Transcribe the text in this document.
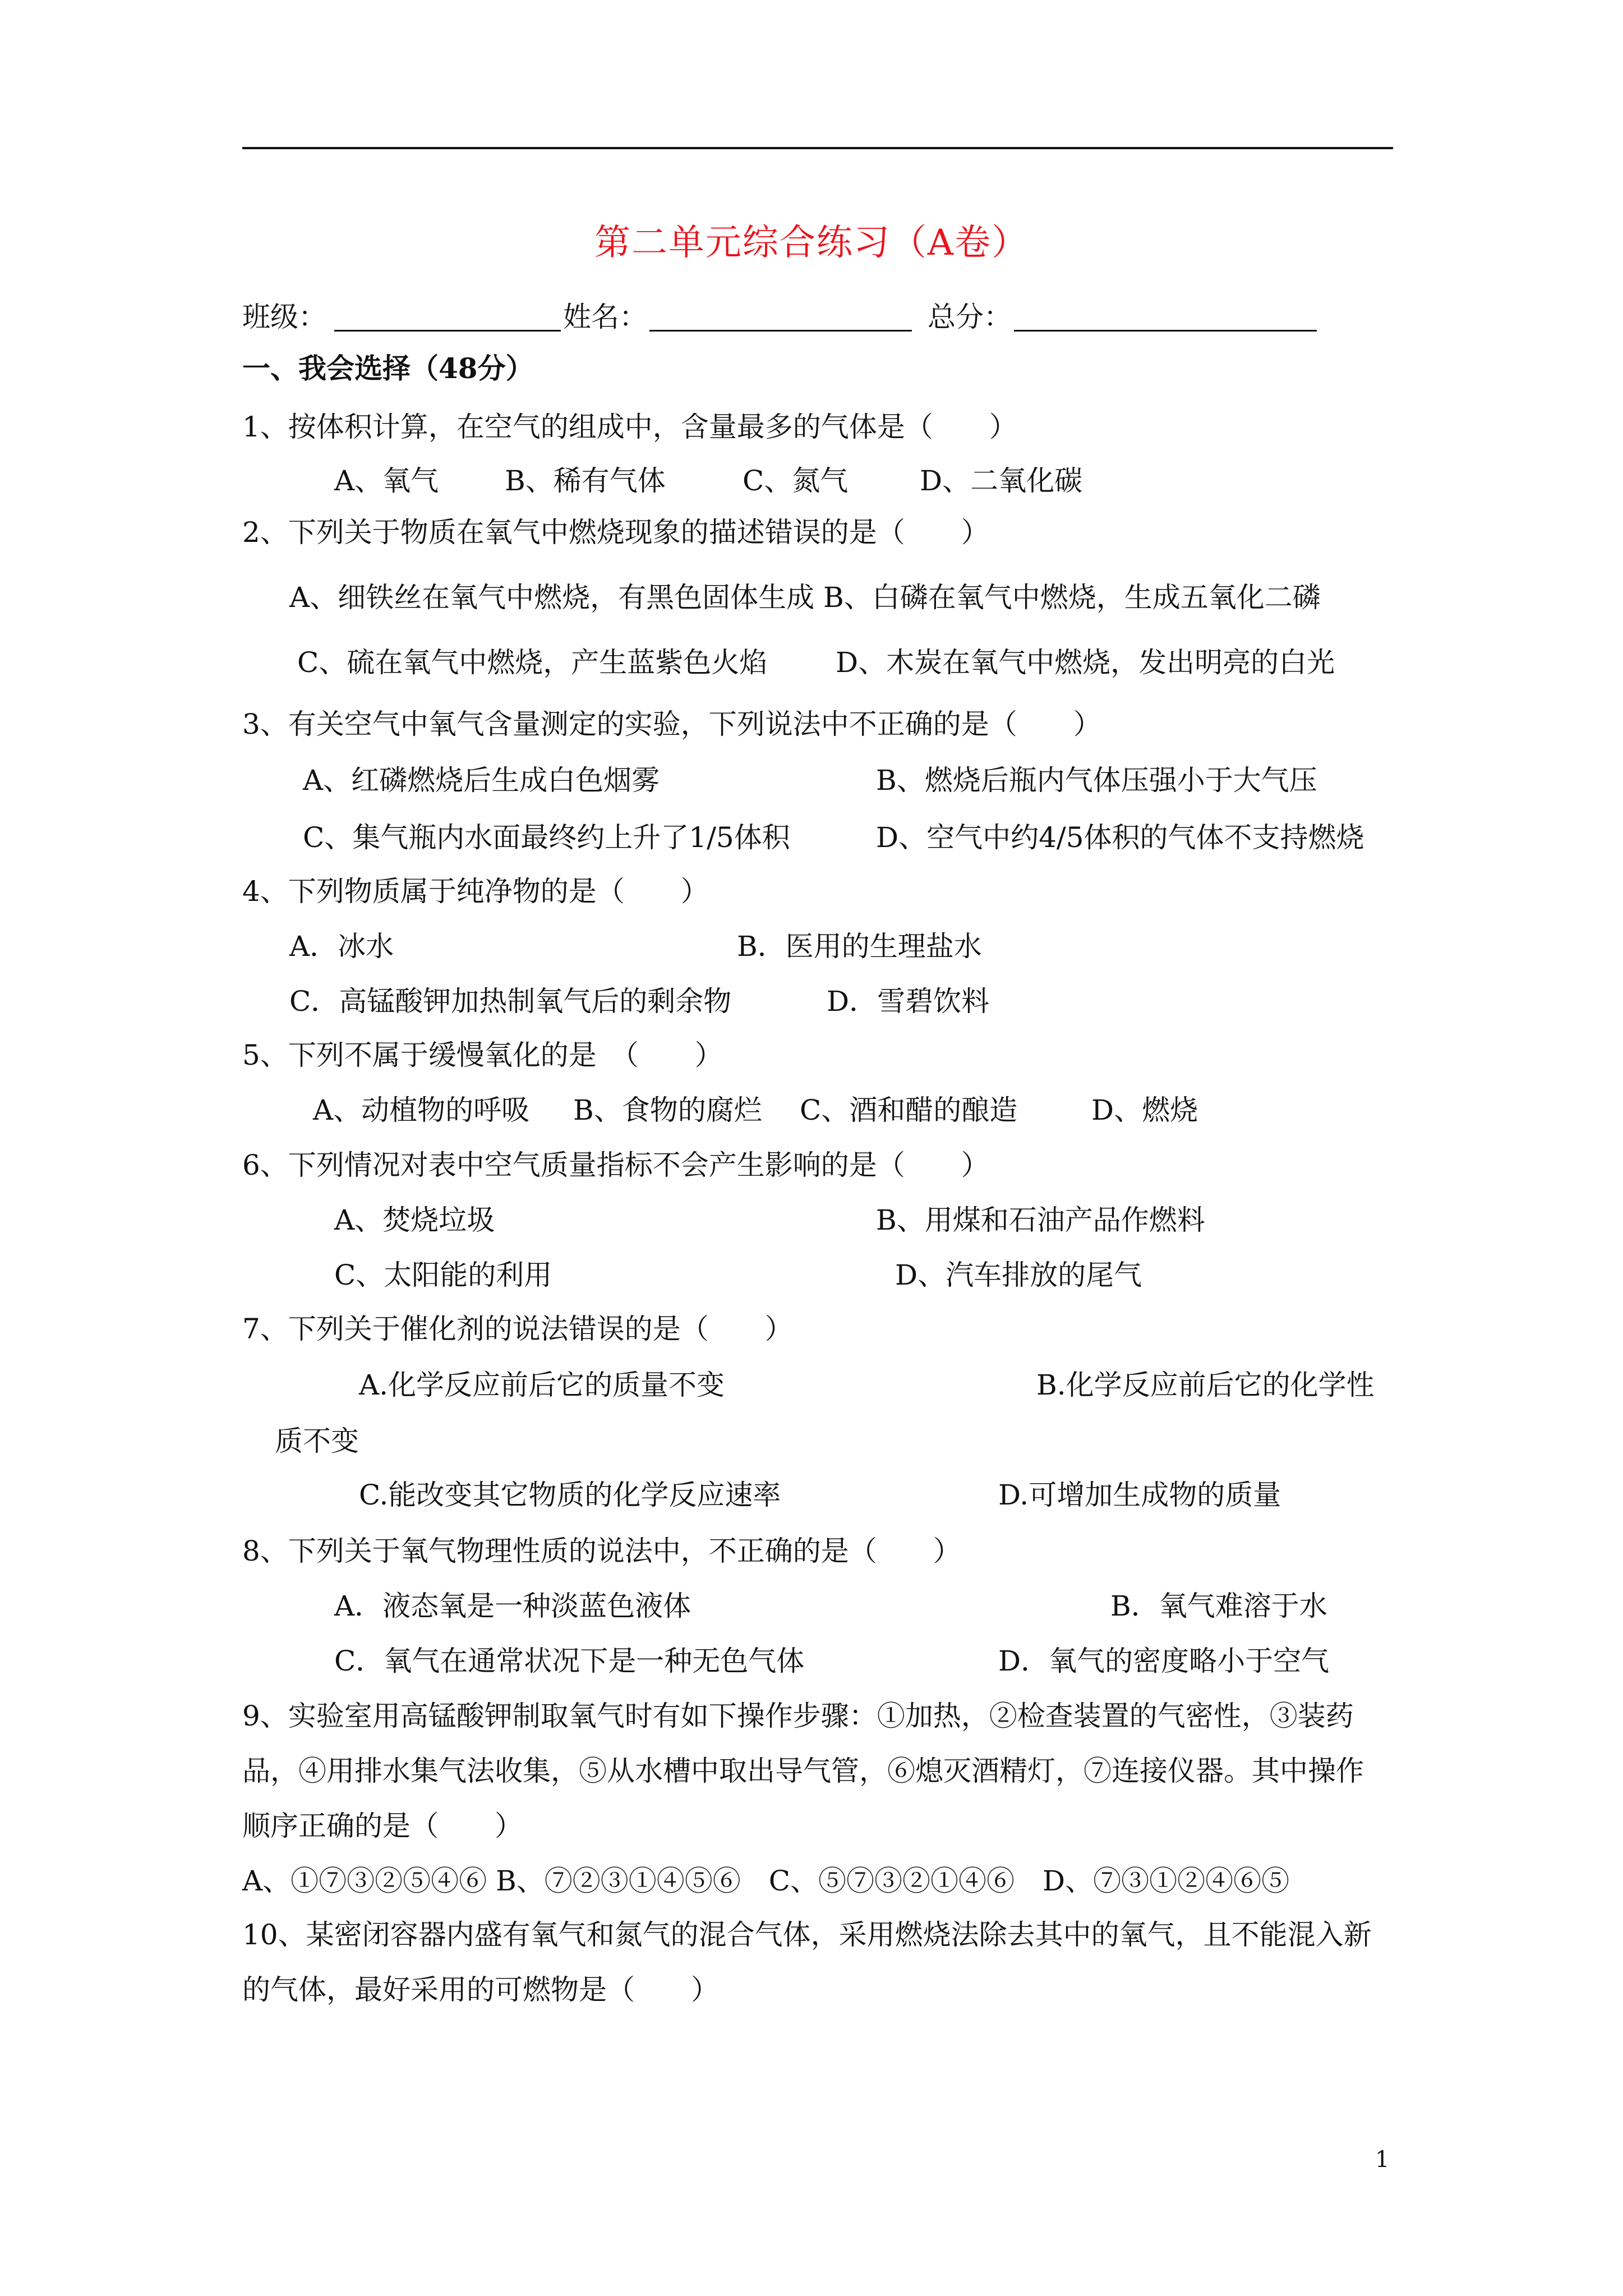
第二单元综合练习（A卷）
班级：	姓名：	总分：
一、我会选择（48分）
1、按体积计算，在空气的组成中，含量最多的气体是（　　）
A、氧气 B、稀有气体	C、氮气	D、二氧化碳
2、下列关于物质在氧气中燃烧现象的描述错误的是（　　）
A、细铁丝在氧气中燃烧，有黑色固体生成 B、白磷在氧气中燃烧，生成五氧化二磷
C、硫在氧气中燃烧，产生蓝紫色火焰 D、木炭在氧气中燃烧，发出明亮的白光
3、有关空气中氧气含量测定的实验，下列说法中不正确的是（　　）
A、红磷燃烧后生成白色烟雾	B、燃烧后瓶内气体压强小于大气压
C、集气瓶内水面最终约上升了1/5体积	D、空气中约4/5体积的气体不支持燃烧
4、下列物质属于纯净物的是（　　）
A．冰水	B．医用的生理盐水
C．高锰酸钾加热制氧气后的剩余物	D．雪碧饮料
5、下列不属于缓慢氧化的是　（　　）
A、动植物的呼吸 B、食物的腐烂 C、酒和醋的酿造	D、燃烧
6、下列情况对表中空气质量指标不会产生影响的是（　　）
A、焚烧垃圾	B、用煤和石油产品作燃料
C、太阳能的利用	D、汽车排放的尾气
7、下列关于催化剂的说法错误的是（　　）
A.化学反应前后它的质量不变	B.化学反应前后它的化学性
质不变
C.能改变其它物质的化学反应速率	D.可增加生成物的质量
8、下列关于氧气物理性质的说法中，不正确的是（　　）
A．液态氧是一种淡蓝色液体	B．氧气难溶于水
C．氧气在通常状况下是一种无色气体	D．氧气的密度略小于空气
9、实验室用高锰酸钾制取氧气时有如下操作步骤：①加热，②检查装置的气密性，③装药
品，④用排水集气法收集，⑤从水槽中取出导气管，⑥熄灭酒精灯，⑦连接仪器。其中操作
顺序正确的是（　　）
A、①⑦③②⑤④⑥ B、⑦②③①④⑤⑥　C、⑤⑦③②①④⑥　D、⑦③①②④⑥⑤
10、某密闭容器内盛有氧气和氮气的混合气体，采用燃烧法除去其中的氧气，且不能混入新
的气体，最好采用的可燃物是（　　）
1
